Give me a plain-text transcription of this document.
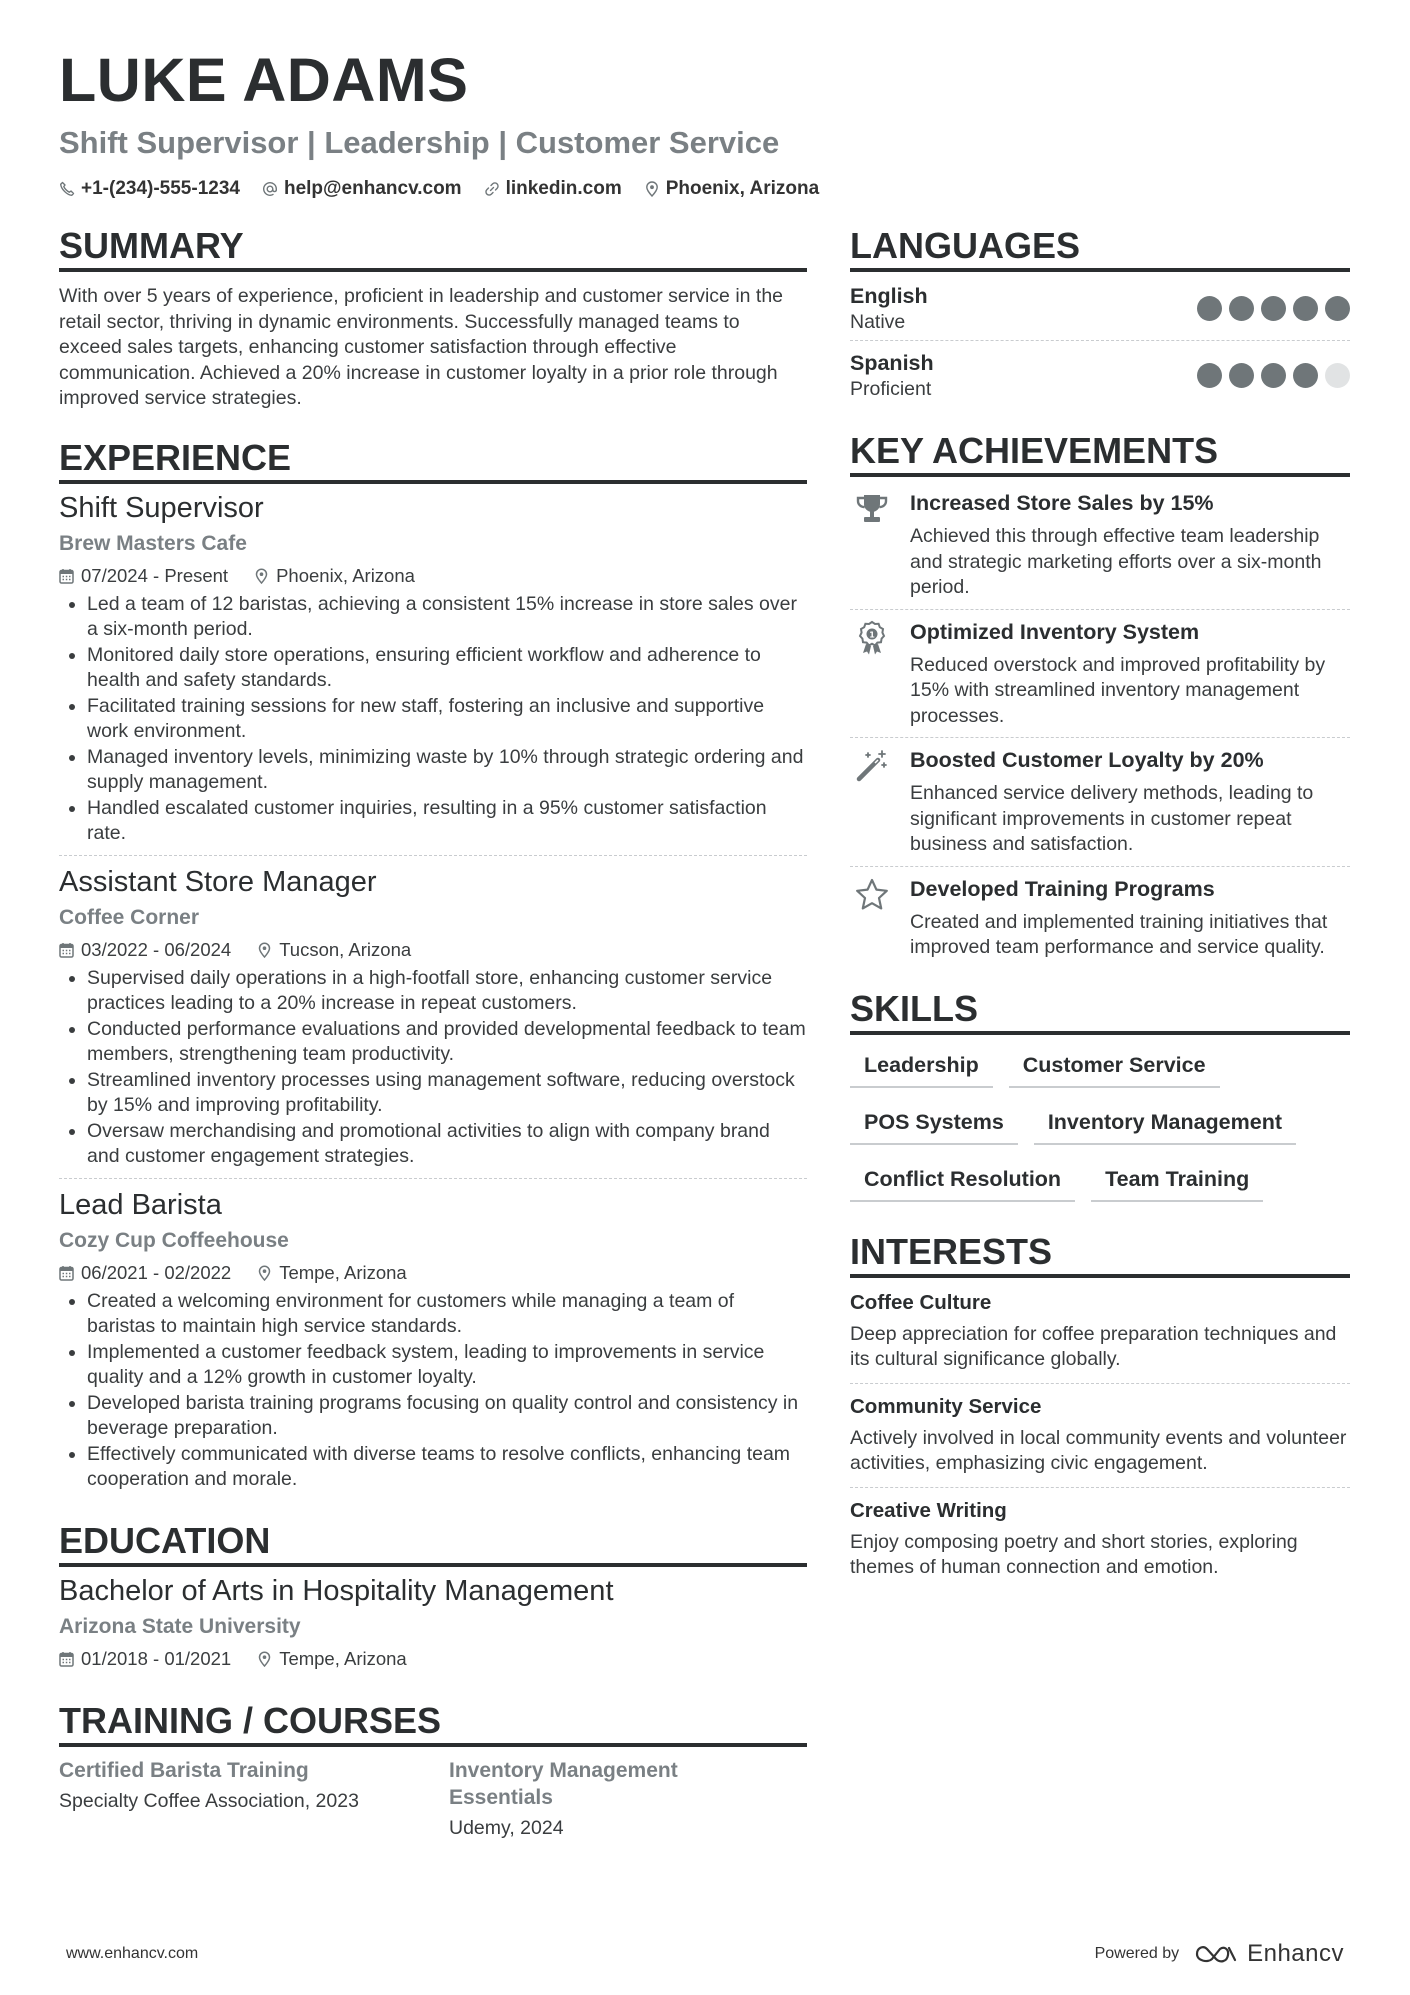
LUKE ADAMS
Shift Supervisor | Leadership | Customer Service
+1-(234)-555-1234 help@enhancv.com linkedin.com Phoenix, Arizona
SUMMARY

With over 5 years of experience, proficient in leadership and customer service in the retail sector, thriving in dynamic environments. Successfully managed teams to exceed sales targets, enhancing customer satisfaction through effective communication. Achieved a 20% increase in customer loyalty in a prior role through improved service strategies.

EXPERIENCE
Shift Supervisor
Brew Masters Cafe
07/2024 - Present	Phoenix, Arizona
• Led a team of 12 baristas, achieving a consistent 15% increase in store sales over a six-month period.
• Monitored daily store operations, ensuring efficient workflow and adherence to health and safety standards.
• Facilitated training sessions for new staff, fostering an inclusive and supportive work environment.
• Managed inventory levels, minimizing waste by 10% through strategic ordering and supply management.
• Handled escalated customer inquiries, resulting in a 95% customer satisfaction rate.
Assistant Store Manager
Coffee Corner
03/2022 - 06/2024	Tucson, Arizona
• Supervised daily operations in a high-footfall store, enhancing customer service practices leading to a 20% increase in repeat customers.
• Conducted performance evaluations and provided developmental feedback to team members, strengthening team productivity.
• Streamlined inventory processes using management software, reducing overstock by 15% and improving profitability.
• Oversaw merchandising and promotional activities to align with company brand and customer engagement strategies.
Lead Barista
Cozy Cup Coffeehouse
06/2021 - 02/2022	Tempe, Arizona
• Created a welcoming environment for customers while managing a team of baristas to maintain high service standards.
• Implemented a customer feedback system, leading to improvements in service quality and a 12% growth in customer loyalty.
• Developed barista training programs focusing on quality control and consistency in beverage preparation.
• Effectively communicated with diverse teams to resolve conflicts, enhancing team cooperation and morale.
EDUCATION
Bachelor of Arts in Hospitality Management
Arizona State University
01/2018 - 01/2021	Tempe, Arizona
TRAINING / COURSES
Certified Barista Training
Specialty Coffee Association, 2023
Inventory Management Essentials
Udemy, 2024
LANGUAGES
English
Native
Spanish
Proficient
KEY ACHIEVEMENTS
Increased Store Sales by 15%
Achieved this through effective team leadership and strategic marketing efforts over a six-month period.
1 Optimized Inventory System
Reduced overstock and improved profitability by 15% with streamlined inventory management processes.
Boosted Customer Loyalty by 20%
Enhanced service delivery methods, leading to significant improvements in customer repeat business and satisfaction.
Developed Training Programs
Created and implemented training initiatives that improved team performance and service quality.
SKILLS
Leadership	Customer Service
POS Systems	Inventory Management
Conflict Resolution	Team Training
INTERESTS
Coffee Culture
Deep appreciation for coffee preparation techniques and its cultural significance globally.
Community Service
Actively involved in local community events and volunteer activities, emphasizing civic engagement.
Creative Writing
Enjoy composing poetry and short stories, exploring themes of human connection and emotion.
www.enhancv.com	Powered by	Enhancv
